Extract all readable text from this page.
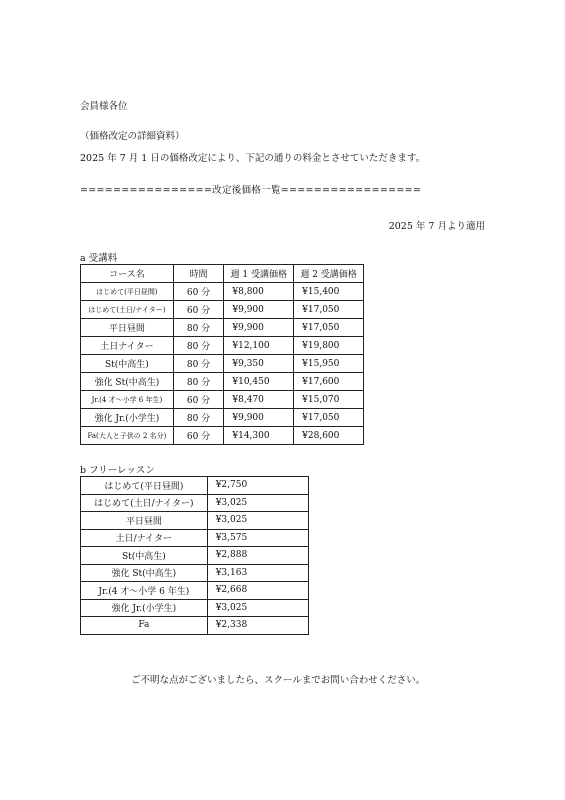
会員様各位
（価格改定の詳細資料）
2025 年 7 月 1 日の価格改定により、下記の通りの料金とさせていただきます。
================改定後価格一覧=================
2025 年 7 月より適用
a 受講料
コース名	時間	週 1 受講価格	週 2 受講価格
はじめて(平日昼間)	60 分	¥8,800	¥15,400
はじめて(土日/ナイター)	60 分	¥9,900	¥17,050
平日昼間	80 分	¥9,900	¥17,050
土日ナイター	80 分	¥12,100	¥19,800
St(中高生)	80 分	¥9,350	¥15,950
強化 St(中高生)	80 分	¥10,450	¥17,600
Jr.(4 才～小学 6 年生)	60 分	¥8,470	¥15,070
強化 Jr.(小学生)	80 分	¥9,900	¥17,050
Fa(大人と子供の 2 名分)	60 分	¥14,300	¥28,600
b フリーレッスン
はじめて(平日昼間)	¥2,750
はじめて(土日/ナイター)	¥3,025
平日昼間	¥3,025
土日/ナイター	¥3,575
St(中高生)	¥2,888
強化 St(中高生)	¥3,163
Jr.(4 才～小学 6 年生)	¥2,668
強化 Jr.(小学生)	¥3,025
Fa	¥2,338
ご不明な点がございましたら、スクールまでお問い合わせください。
